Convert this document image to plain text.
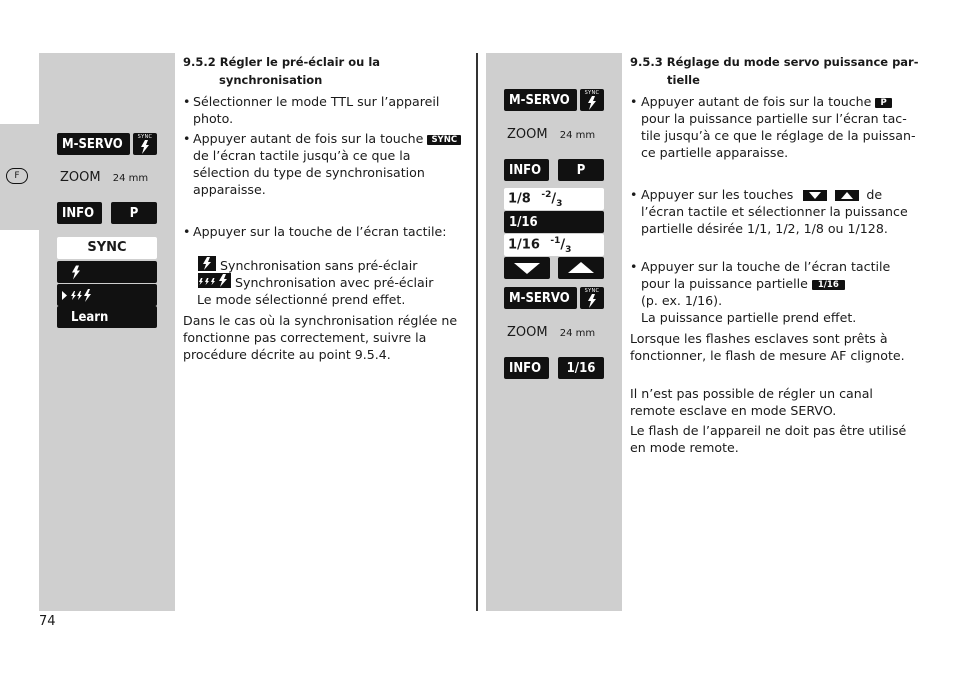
F
74
M-SERVO	SYNC
ZOOM 24 mm
INFO	P
SYNC
Learn
9.5.2 Régler le pré-éclair ou la
synchronisation
• Sélectionner le mode TTL sur l’appareil
photo.
• Appuyer autant de fois sur la touche SYNC
de l’écran tactile jusqu’à ce que la
sélection du type de synchronisation
apparaisse.
• Appuyer sur la touche de l’écran tactile:
Synchronisation sans pré-éclair
Synchronisation avec pré-éclair
Le mode sélectionné prend effet.
Dans le cas où la synchronisation réglée ne
fonctionne pas correctement, suivre la
procédure décrite au point 9.5.4.
M-SERVO	SYNC
ZOOM 24 mm
INFO	P
1/8 $^{-2}/_3$
1/16
1/16 $^{-1}/_3$
M-SERVO	SYNC
ZOOM 24 mm
INFO	1/16
9.5.3 Réglage du mode servo puissance par-
tielle
• Appuyer autant de fois sur la touche P
pour la puissance partielle sur l’écran tac-
tile jusqu’à ce que le réglage de la puissan-
ce partielle apparaisse.
• Appuyer sur les touches	de
l’écran tactile et sélectionner la puissance
partielle désirée 1/1, 1/2, 1/8 ou 1/128.
• Appuyer sur la touche de l’écran tactile
pour la puissance partielle 1/16
(p. ex. 1/16).
La puissance partielle prend effet.
Lorsque les flashes esclaves sont prêts à
fonctionner, le flash de mesure AF clignote.
Il n’est pas possible de régler un canal
remote esclave en mode SERVO.
Le flash de l’appareil ne doit pas être utilisé
en mode remote.
